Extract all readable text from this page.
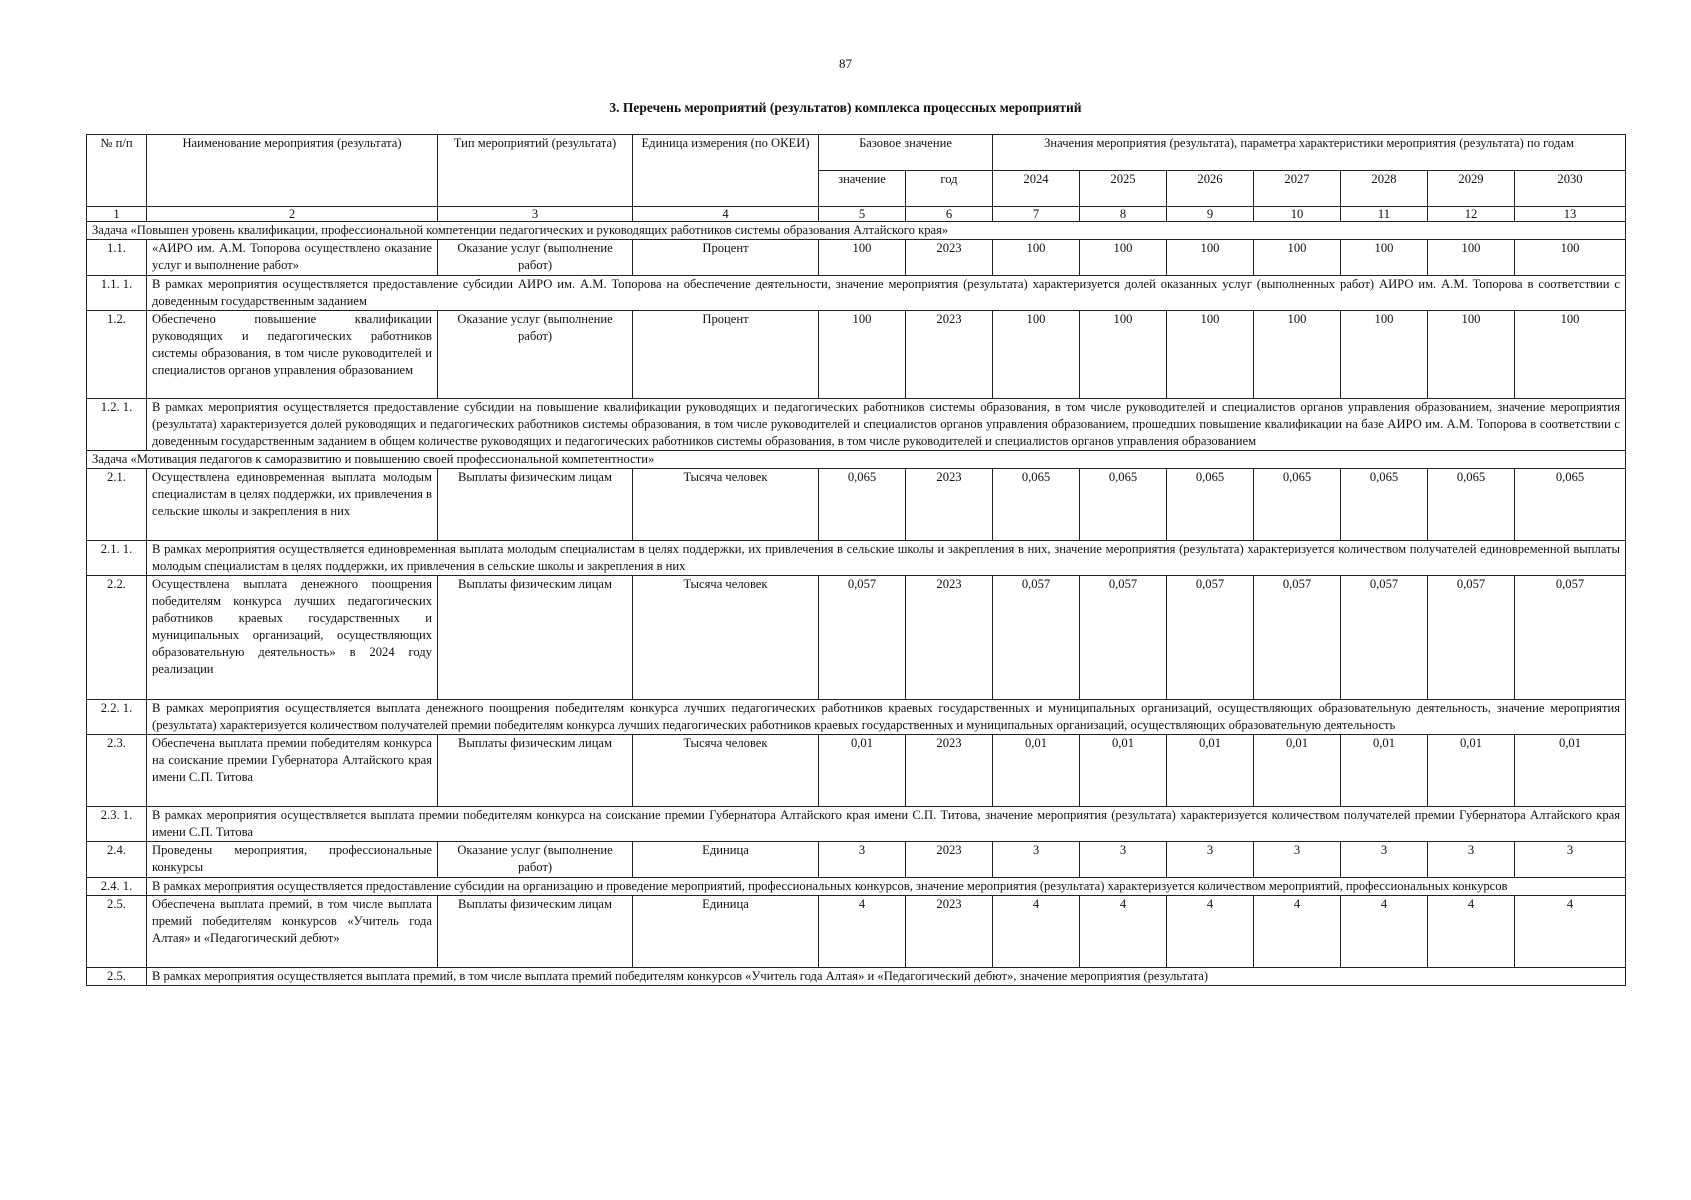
87
3. Перечень мероприятий (результатов) комплекса процессных мероприятий
№ п/п	Наименование мероприятия (результата)	Тип мероприятий (результата)	Единица измерения (по ОКЕИ)	Базовое значение		Значения мероприятия (результата), параметра характеристики мероприятия (результата) по годам						
				значение	год	2024	2025	2026	2027	2028	2029	2030
1	2	3	4	5	6	7	8	9	10	11	12	13
Задача «Повышен уровень квалификации, профессиональной компетенции педагогических и руководящих работников системы образования Алтайского края»												
1.1.	«АИРО им. А.М. Топорова осуществлено оказание услуг и выполнение работ»	Оказание услуг (выполнение работ)	Процент	100	2023	100	100	100	100	100	100	100
1.1. 1.	В рамках мероприятия осуществляется предоставление субсидии АИРО им. А.М. Топорова на обеспечение деятельности, значение мероприятия (результата) характеризуется долей оказанных услуг (выполненных работ) АИРО им. А.М. Топорова в соответствии с доведенным государственным заданием											
1.2.	Обеспечено повышение квалификации руководящих и педагогических работников системы образования, в том числе руководителей и специалистов органов управления образованием	Оказание услуг (выполнение работ)	Процент	100	2023	100	100	100	100	100	100	100
1.2. 1.	В рамках мероприятия осуществляется предоставление субсидии на повышение квалификации руководящих и педагогических работников системы образования, в том числе руководителей и специалистов органов управления образованием, значение мероприятия (результата) характеризуется долей руководящих и педагогических работников системы образования, в том числе руководителей и специалистов органов управления образованием, прошедших повышение квалификации на базе АИРО им. А.М. Топорова в соответствии с доведенным государственным заданием в общем количестве руководящих и педагогических работников системы образования, в том числе руководителей и специалистов органов управления образованием											
Задача «Мотивация педагогов к саморазвитию и повышению своей профессиональной компетентности»												
2.1.	Осуществлена единовременная выплата молодым специалистам в целях поддержки, их привлечения в сельские школы и закрепления в них	Выплаты физическим лицам	Тысяча человек	0,065	2023	0,065	0,065	0,065	0,065	0,065	0,065	0,065
2.1. 1.	В рамках мероприятия осуществляется единовременная выплата молодым специалистам в целях поддержки, их привлечения в сельские школы и закрепления в них, значение мероприятия (результата) характеризуется количеством получателей единовременной выплаты молодым специалистам в целях поддержки, их привлечения в сельские школы и закрепления в них											
2.2.	Осуществлена выплата денежного поощрения победителям конкурса лучших педагогических работников краевых государственных и муниципальных организаций, осуществляющих образовательную деятельность» в 2024 году реализации	Выплаты физическим лицам	Тысяча человек	0,057	2023	0,057	0,057	0,057	0,057	0,057	0,057	0,057
2.2. 1.	В рамках мероприятия осуществляется выплата денежного поощрения победителям конкурса лучших педагогических работников краевых государственных и муниципальных организаций, осуществляющих образовательную деятельность, значение мероприятия (результата) характеризуется количеством получателей премии победителям конкурса лучших педагогических работников краевых государственных и муниципальных организаций, осуществляющих образовательную деятельность											
2.3.	Обеспечена выплата премии победителям конкурса на соискание премии Губернатора Алтайского края имени С.П. Титова	Выплаты физическим лицам	Тысяча человек	0,01	2023	0,01	0,01	0,01	0,01	0,01	0,01	0,01
2.3. 1.	В рамках мероприятия осуществляется выплата премии победителям конкурса на соискание премии Губернатора Алтайского края имени С.П. Титова, значение мероприятия (результата) характеризуется количеством получателей премии Губернатора Алтайского края имени С.П. Титова											
2.4.	Проведены мероприятия, профессиональные конкурсы	Оказание услуг (выполнение работ)	Единица	3	2023	3	3	3	3	3	3	3
2.4. 1.	В рамках мероприятия осуществляется предоставление субсидии на организацию и проведение мероприятий, профессиональных конкурсов, значение мероприятия (результата) характеризуется количеством мероприятий, профессиональных конкурсов											
2.5.	Обеспечена выплата премий, в том числе выплата премий победителям конкурсов «Учитель года Алтая» и «Педагогический дебют»	Выплаты физическим лицам	Единица	4	2023	4	4	4	4	4	4	4
2.5.	В рамках мероприятия осуществляется выплата премий, в том числе выплата премий победителям конкурсов «Учитель года Алтая» и «Педагогический дебют», значение мероприятия (результата)											
